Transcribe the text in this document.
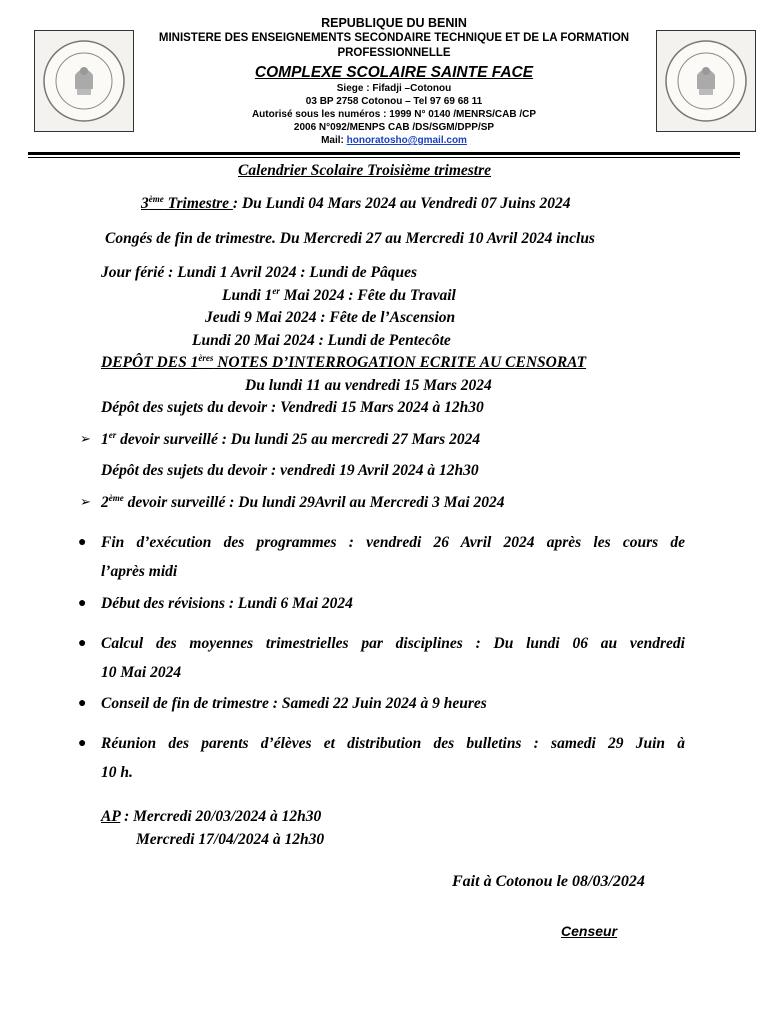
REPUBLIQUE DU BENIN
MINISTERE DES ENSEIGNEMENTS SECONDAIRE TECHNIQUE ET DE LA FORMATION
PROFESSIONNELLE
COMPLEXE SCOLAIRE SAINTE FACE
Siege : Fifadji –Cotonou
03 BP 2758 Cotonou – Tel 97 69 68 11
Autorisé sous les numéros : 1999 N° 0140 /MENRS/CAB /CP
2006 N°092/MENPS CAB /DS/SGM/DPP/SP
Mail: honoratosho@gmail.com
Calendrier Scolaire Troisième trimestre
3ème Trimestre : Du Lundi 04 Mars 2024 au Vendredi 07 Juins 2024
Congés de fin de trimestre. Du Mercredi 27 au Mercredi 10 Avril 2024 inclus
Jour férié : Lundi 1 Avril 2024 : Lundi de Pâques
Lundi 1er Mai 2024 : Fête du Travail
Jeudi 9 Mai 2024 : Fête de l’Ascension
Lundi 20 Mai 2024 : Lundi de Pentecôte
DEPÔT DES 1ères NOTES D’INTERROGATION ECRITE AU CENSORAT
Du lundi 11 au vendredi 15 Mars 2024
Dépôt des sujets du devoir : Vendredi 15 Mars 2024 à 12h30
➢ 1er devoir surveillé : Du lundi 25 au mercredi 27 Mars 2024
Dépôt des sujets du devoir : vendredi 19 Avril 2024 à 12h30
➢ 2ème devoir surveillé : Du lundi 29Avril au Mercredi 3 Mai 2024
● Fin d’exécution des programmes : vendredi 26 Avril 2024 après les cours de
l’après midi
● Début des révisions : Lundi 6 Mai 2024
● Calcul des moyennes trimestrielles par disciplines : Du lundi 06 au vendredi
10 Mai 2024
● Conseil de fin de trimestre : Samedi 22 Juin 2024 à 9 heures
● Réunion des parents d’élèves et distribution des bulletins : samedi 29 Juin à
10 h.
AP : Mercredi 20/03/2024 à 12h30
Mercredi 17/04/2024 à 12h30
Fait à Cotonou le 08/03/2024
Censeur
